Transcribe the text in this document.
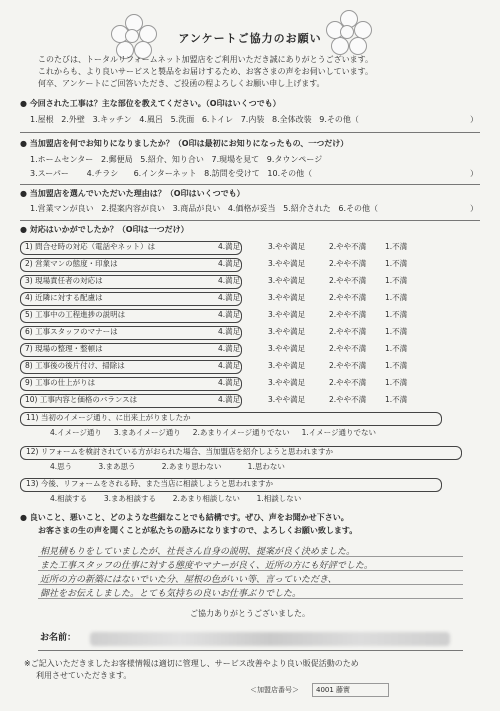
アンケートご協力のお願い
このたびは、トータルリフォームネット加盟店をご利用いただき誠にありがとうございます。
これからも、より良いサービスと製品をお届けするため、お客さまの声をお伺いしています。
何卒、アンケートにご回答いただき、ご投函の程よろしくお願い申し上げます。
● 今回された工事は？主な部位を教えてください。（O印はいくつでも）
1.屋根 2.外壁 3.キッチン 4.風呂 5.洗面 6.トイレ 7.内装 8.全体改装 9.その他（	）
● 当加盟店を何でお知りになりましたか？（O印は最初にお知りになったもの、一つだけ）
1.ホームセンター 2.郵便局 5.紹介、知り合い 7.現場を見て 9.タウンページ
3.スーパー 4.チラシ 6.インターネット 8.訪問を受けて 10.その他（	）
● 当加盟店を選んでいただいた理由は？（O印はいくつでも）
1.営業マンが良い 2.提案内容が良い 3.商品が良い 4.価格が妥当 5.紹介された 6.その他（	）
● 対応はいかがでしたか？（O印は一つだけ）
1) 問合せ時の対応（電話やネット）は	4.満足	3.やや満足	2.やや不満	1.不満
2) 営業マンの態度・印象は	4.満足	3.やや満足	2.やや不満	1.不満
3) 現場責任者の対応は	4.満足	3.やや満足	2.やや不満	1.不満
4) 近隣に対する配慮は	4.満足	3.やや満足	2.やや不満	1.不満
5) 工事中の工程進捗の説明は	4.満足	3.やや満足	2.やや不満	1.不満
6) 工事スタッフのマナーは	4.満足	3.やや満足	2.やや不満	1.不満
7) 現場の整理・整頓は	4.満足	3.やや満足	2.やや不満	1.不満
8) 工事後の後片付け、掃除は	4.満足	3.やや満足	2.やや不満	1.不満
9) 工事の仕上がりは	4.満足	3.やや満足	2.やや不満	1.不満
10) 工事内容と価格のバランスは	4.満足	3.やや満足	2.やや不満	1.不満
11) 当初のイメージ通り、に出来上がりましたか
4.イメージ通り 3.まあイメージ通り 2.あまりイメージ通りでない 1.イメージ通りでない
12) リフォームを検討されている方がおられた場合、当加盟店を紹介しようと思われますか
4.思う	3.まあ思う	2.あまり思わない	1.思わない
13) 今後、リフォームをされる時、また当店に相談しようと思われますか
4.相談する 3.まあ相談する 2.あまり相談しない 1.相談しない
● 良いこと、悪いこと、どのような些細なことでも結構です。ぜひ、声をお聞かせ下さい。
お客さまの生の声を聞くことが私たちの励みになりますので、よろしくお願い致します。
相見積もりをしていましたが、社長さん自身の説明、提案が良く決めました。
また工事スタッフの仕事に対する態度やマナーが良く、近所の方にも好評でした。
近所の方の新築にはないでいた分、屋根の色がいい等、言っていただき、
御社をお伝えしました。とても気持ちの良いお仕事ぶりでした。
ご協力ありがとうございました。
お名前：
※ご記入いただきましたお客様情報は適切に管理し、サービス改善やより良い販促活動のため
利用させていただきます。
＜加盟店番号＞ 4001 藤實
